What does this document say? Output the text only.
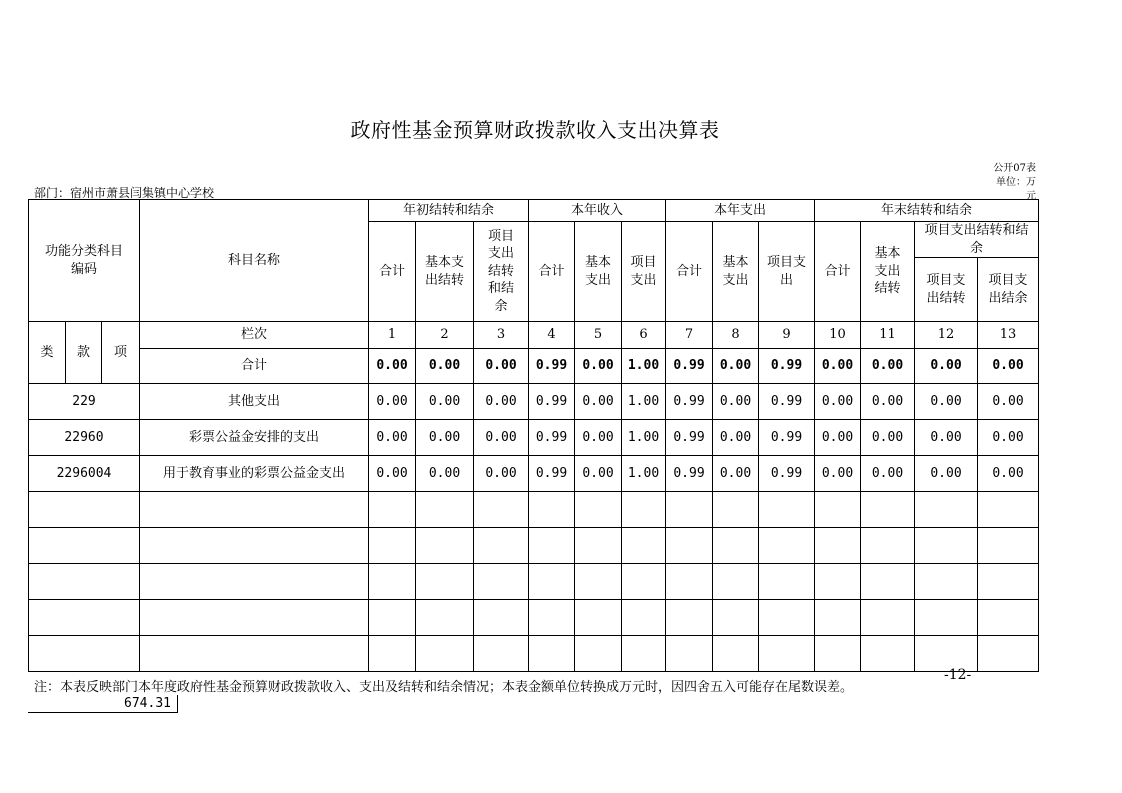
政府性基金预算财政拨款收入支出决算表
公开07表
单位：万
元
部门：宿州市萧县闫集镇中心学校
功能分类科目编码			科目名称	年初结转和结余			本年收入			本年支出			年末结转和结余			
				合计	基本支出结转	项目支出结转和结余	合计	基本支出	项目支出	合计	基本支出	项目支出	合计	基本支出结转	项目支出结转和结余	
															项目支出结转	项目支出结余
类	款	项	栏次	1	2	3	4	5	6	7	8	9	10	11	12	13
			合计	0.00	0.00	0.00	0.99	0.00	1.00	0.99	0.00	0.99	0.00	0.00	0.00	0.00
229			其他支出	0.00	0.00	0.00	0.99	0.00	1.00	0.99	0.00	0.99	0.00	0.00	0.00	0.00
22960			彩票公益金安排的支出	0.00	0.00	0.00	0.99	0.00	1.00	0.99	0.00	0.99	0.00	0.00	0.00	0.00
2296004			用于教育事业的彩票公益金支出	0.00	0.00	0.00	0.99	0.00	1.00	0.99	0.00	0.99	0.00	0.00	0.00	0.00

注：本表反映部门本年度政府性基金预算财政拨款收入、支出及结转和结余情况；本表金额单位转换成万元时，因四舍五入可能存在尾数误差。
-12-
674.31
